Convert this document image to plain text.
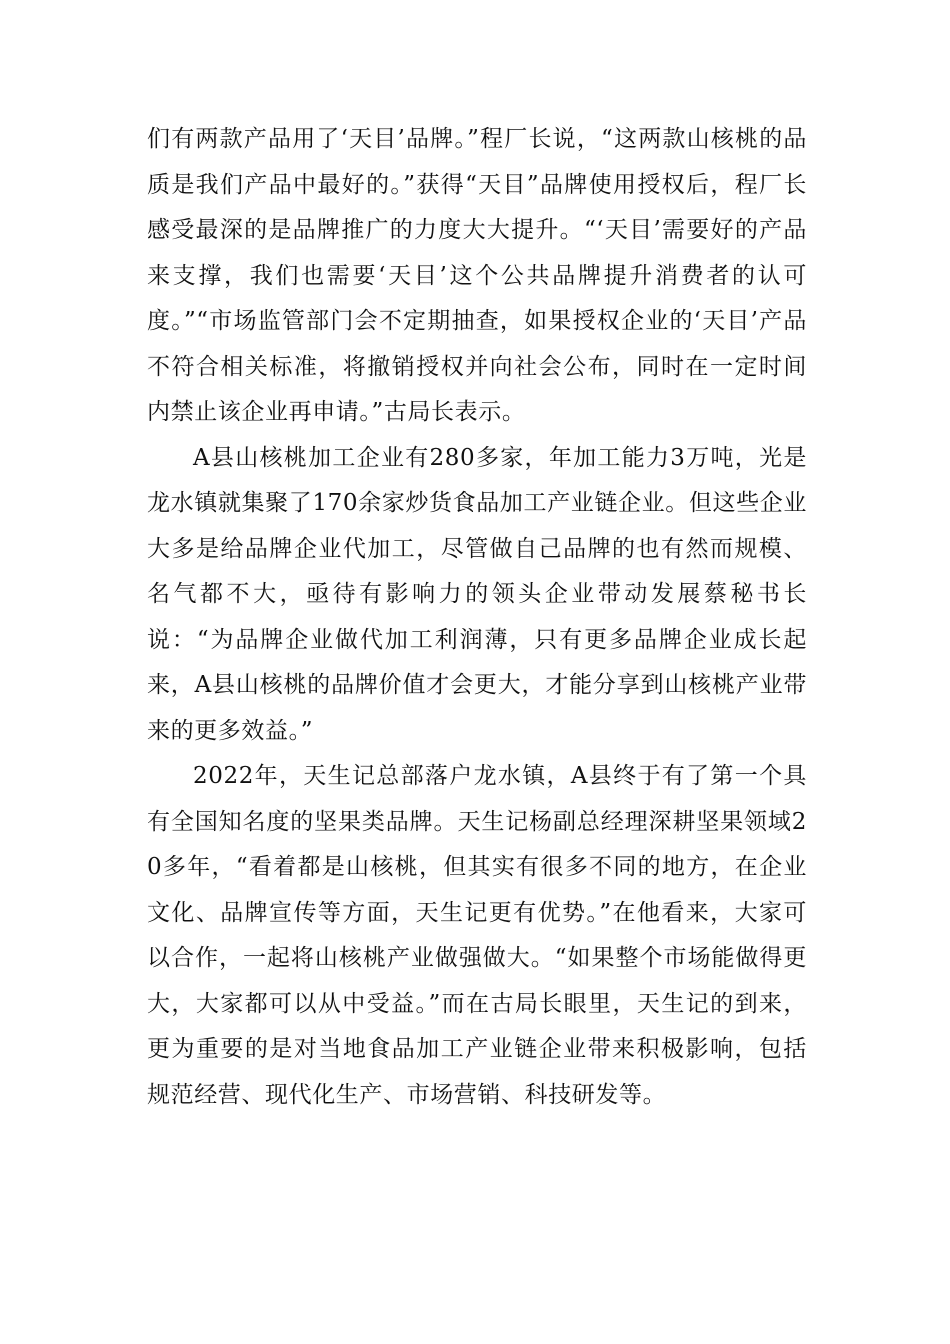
们有两款产品用了‘天目’品牌。”程厂长说，“这两款山核桃的品质是我们产品中最好的。”获得“天目”品牌使用授权后，程厂长感受最深的是品牌推广的力度大大提升。“‘天目’需要好的产品来支撑，我们也需要‘天目’这个公共品牌提升消费者的认可度。”“市场监管部门会不定期抽查，如果授权企业的‘天目’产品不符合相关标准，将撤销授权并向社会公布，同时在一定时间内禁止该企业再申请。”古局长表示。

A县山核桃加工企业有280多家，年加工能力3万吨，光是龙水镇就集聚了170余家炒货食品加工产业链企业。但这些企业大多是给品牌企业代加工，尽管做自己品牌的也有然而规模、名气都不大，亟待有影响力的领头企业带动发展蔡秘书长说：“为品牌企业做代加工利润薄，只有更多品牌企业成长起来，A县山核桃的品牌价值才会更大，才能分享到山核桃产业带来的更多效益。”

2022年，天生记总部落户龙水镇，A县终于有了第一个具有全国知名度的坚果类品牌。天生记杨副总经理深耕坚果领域20多年，“看着都是山核桃，但其实有很多不同的地方，在企业文化、品牌宣传等方面，天生记更有优势。”在他看来，大家可以合作，一起将山核桃产业做强做大。“如果整个市场能做得更大，大家都可以从中受益。”而在古局长眼里，天生记的到来，更为重要的是对当地食品加工产业链企业带来积极影响，包括规范经营、现代化生产、市场营销、科技研发等。
